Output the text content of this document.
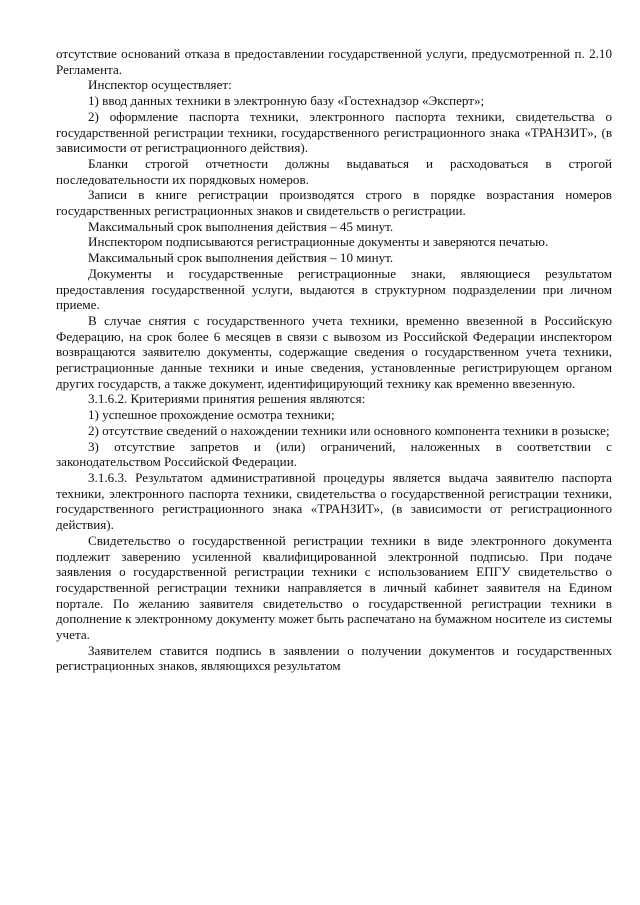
отсутствие оснований отказа в предоставлении государственной услуги, предусмотренной п. 2.10 Регламента.

Инспектор осуществляет:

1) ввод данных техники в электронную базу «Гостехнадзор «Эксперт»;

2) оформление паспорта техники, электронного паспорта техники, свидетельства о государственной регистрации техники, государственного регистрационного знака «ТРАНЗИТ», (в зависимости от регистрационного действия).

Бланки строгой отчетности должны выдаваться и расходоваться в строгой последовательности их порядковых номеров.

Записи в книге регистрации производятся строго в порядке возрастания номеров государственных регистрационных знаков и свидетельств о регистрации.

Максимальный срок выполнения действия – 45 минут.

Инспектором подписываются регистрационные документы и заверяются печатью.

Максимальный срок выполнения действия – 10 минут.

Документы и государственные регистрационные знаки, являющиеся результатом предоставления государственной услуги, выдаются в структурном подразделении при личном приеме.

В случае снятия с государственного учета техники, временно ввезенной в Российскую Федерацию, на срок более 6 месяцев в связи с вывозом из Российской Федерации инспектором возвращаются заявителю документы, содержащие сведения о государственном учета техники, регистрационные данные техники и иные сведения, установленные регистрирующем органом других государств, а также документ, идентифицирующий технику как временно ввезенную.

3.1.6.2. Критериями принятия решения являются:

1) успешное прохождение осмотра техники;

2) отсутствие сведений о нахождении техники или основного компонента техники в розыске;

3) отсутствие запретов и (или) ограничений, наложенных в соответствии с законодательством Российской Федерации.

3.1.6.3. Результатом административной процедуры является выдача заявителю паспорта техники, электронного паспорта техники, свидетельства о государственной регистрации техники, государственного регистрационного знака «ТРАНЗИТ», (в зависимости от регистрационного действия).

Свидетельство о государственной регистрации техники в виде электронного документа подлежит заверению усиленной квалифицированной электронной подписью. При подаче заявления о государственной регистрации техники с использованием ЕПГУ свидетельство о государственной регистрации техники направляется в личный кабинет заявителя на Едином портале. По желанию заявителя свидетельство о государственной регистрации техники в дополнение к электронному документу может быть распечатано на бумажном носителе из системы учета.

Заявителем ставится подпись в заявлении о получении документов и государственных регистрационных знаков, являющихся результатом
